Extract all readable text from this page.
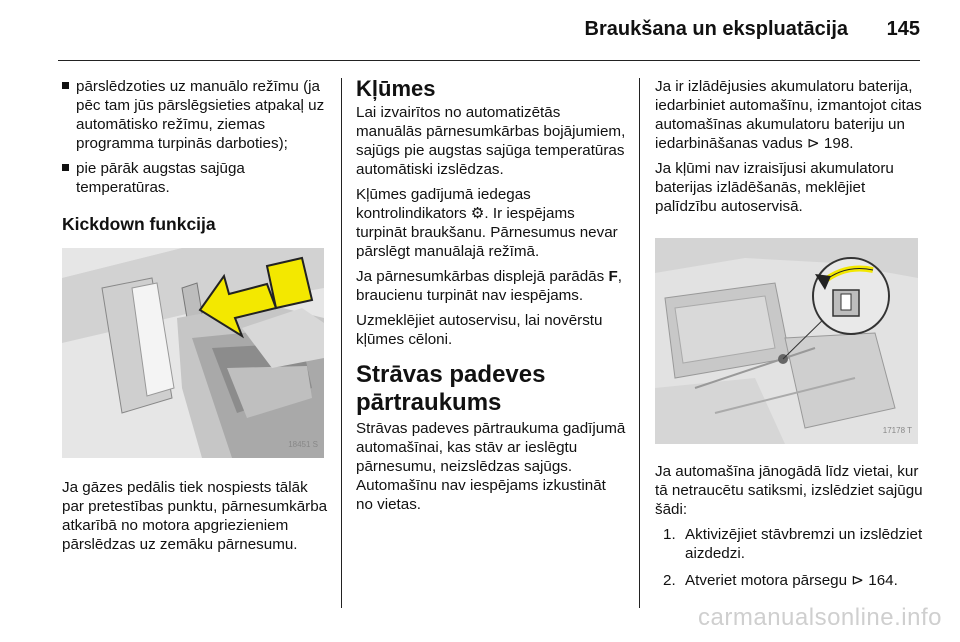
Braukšana un ekspluatācija 145
pārslēdzoties uz manuālo režīmu (ja pēc tam jūs pārslēgsieties atpakaļ uz automātisko režīmu, ziemas programma turpinās darboties);
pie pārāk augstas sajūga temperatūras.
Kickdown funkcija
18451 S

Ja gāzes pedālis tiek nospiests tālāk par pretestības punktu, pārnesumkārba atkarībā no motora apgriezieniem pārslēdzas uz zemāku pārnesumu.

Kļūmes

Lai izvairītos no automatizētās manuālās pārnesumkārbas bojājumiem, sajūgs pie augstas sajūga temperatūras automātiski izslēdzas.

Kļūmes gadījumā iedegas kontrolindikators ⚙. Ir iespējams turpināt braukšanu. Pārnesumus nevar pārslēgt manuālajā režīmā.

Ja pārnesumkārbas displejā parādās F, braucienu turpināt nav iespējams.

Uzmeklējiet autoservisu, lai novērstu kļūmes cēloni.

Strāvas padeves pārtraukums

Strāvas padeves pārtraukuma gadījumā automašīnai, kas stāv ar ieslēgtu pārnesumu, neizslēdzas sajūgs. Automašīnu nav iespējams izkustināt no vietas.

Ja ir izlādējusies akumulatoru baterija, iedarbiniet automašīnu, izmantojot citas automašīnas akumulatoru bateriju un iedarbināšanas vadus ⊳ 198.

Ja kļūmi nav izraisījusi akumulatoru baterijas izlādēšanās, meklējiet palīdzību autoservisā.

17178 T

Ja automašīna jānogādā līdz vietai, kur tā netraucētu satiksmi, izslēdziet sajūgu šādi:

1. Aktivizējiet stāvbremzi un izslēdziet aizdedzi.
2. Atveriet motora pārsegu ⊳ 164.
carmanualsonline.info
